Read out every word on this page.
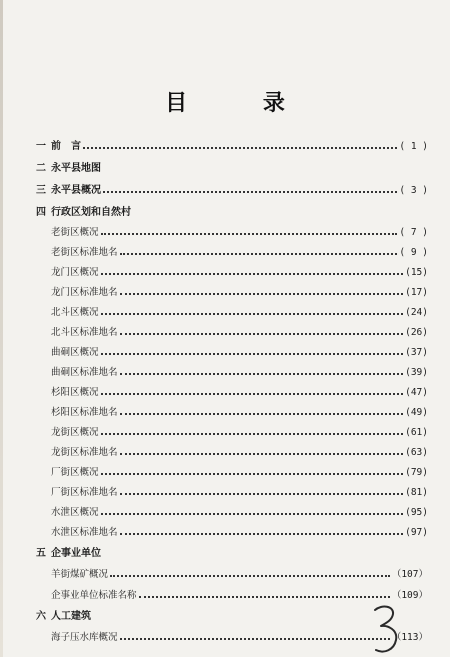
目 录
一 前　言	( 1 )
二 永平县地图
三 永平县概况	( 3 )
四 行政区划和自然村
老街区概况	( 7 )
老街区标准地名	( 9 )
龙门区概况	(15)
龙门区标准地名	(17)
北斗区概况	(24)
北斗区标准地名	(26)
曲硐区概况	(37)
曲硐区标准地名	(39)
杉阳区概况	(47)
杉阳区标准地名	(49)
龙街区概况	(61)
龙街区标准地名	(63)
厂街区概况	(79)
厂街区标准地名	(81)
水泄区概况	(95)
水泄区标准地名	(97)
五 企事业单位
羊街煤矿概况	（107）
企事业单位标准名称	（109）
六 人工建筑
海子压水库概况	（113）
